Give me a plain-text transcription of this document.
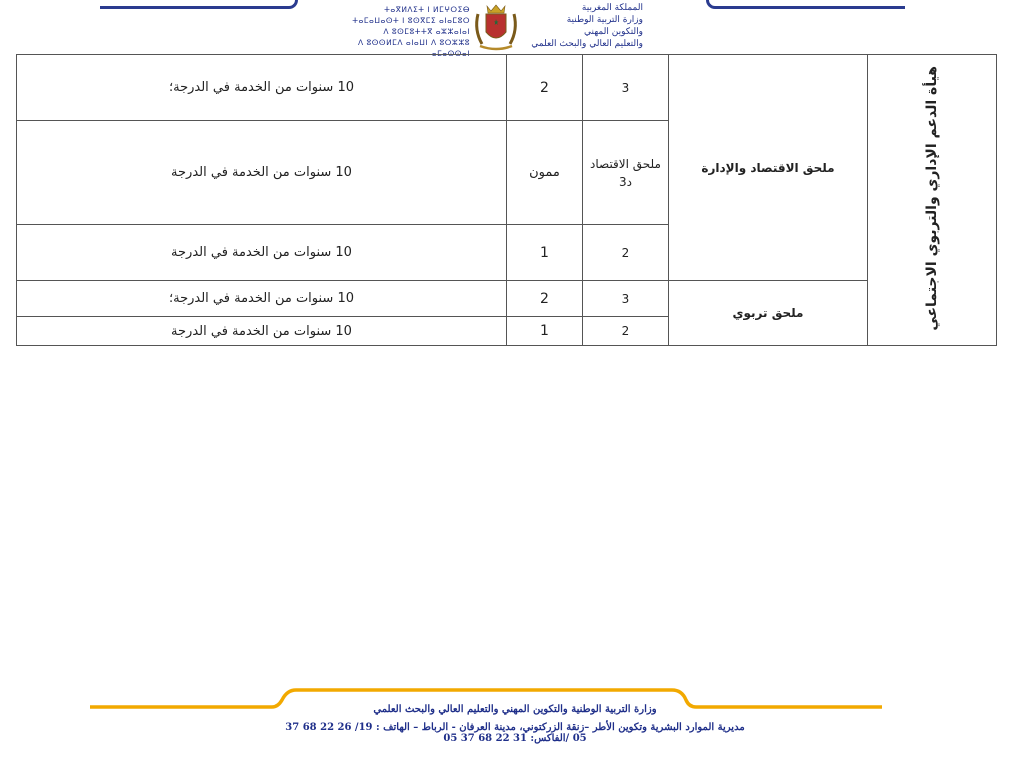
ⵜⴰⴳⵍⴷⵉⵜ ⵏ ⵍⵎⵖⵔⵉⴱ
ⵜⴰⵎⴰⵡⴰⵙⵜ ⵏ ⵓⵙⴳⵎⵉ ⴰⵏⴰⵎⵓⵔ
ⴷ ⵓⵙⵎⵓⵜⵜⴳ ⴰⵣⵣⴰⵏⴰⵏ
ⴷ ⵓⵙⵙⵍⵎⴷ ⴰⵏⴰⵡⵏ ⴷ ⵓⵔⵣⵣⵓ ⴰⵎⴰⵙⵙⴰⵏ
المملكة المغربية
وزارة التربية الوطنية
والتكوين المهني
والتعليم العالي والبحث العلمي
هيأة الدعم الإداري والتربوي الاجتماعي	ملحق الاقتصاد والإدارة	3	2	10 سنوات من الخدمة في الدرجة؛
		ملحق الاقتصاد د3	ممون	10 سنوات من الخدمة في الدرجة
		2	1	10 سنوات من الخدمة في الدرجة
	ملحق تربوي	3	2	10 سنوات من الخدمة في الدرجة؛
		2	1	10 سنوات من الخدمة في الدرجة
وزارة التربية الوطنية والتكوين المهني والتعليم العالي والبحث العلمي
مديرية الموارد البشرية وتكوين الأطر –زنقة الزركتوني، مدينة العرفان - الرباط – الهاتف : 19/ 26 22 68 37 05 /الفاكس: 31 22 68 37 05
